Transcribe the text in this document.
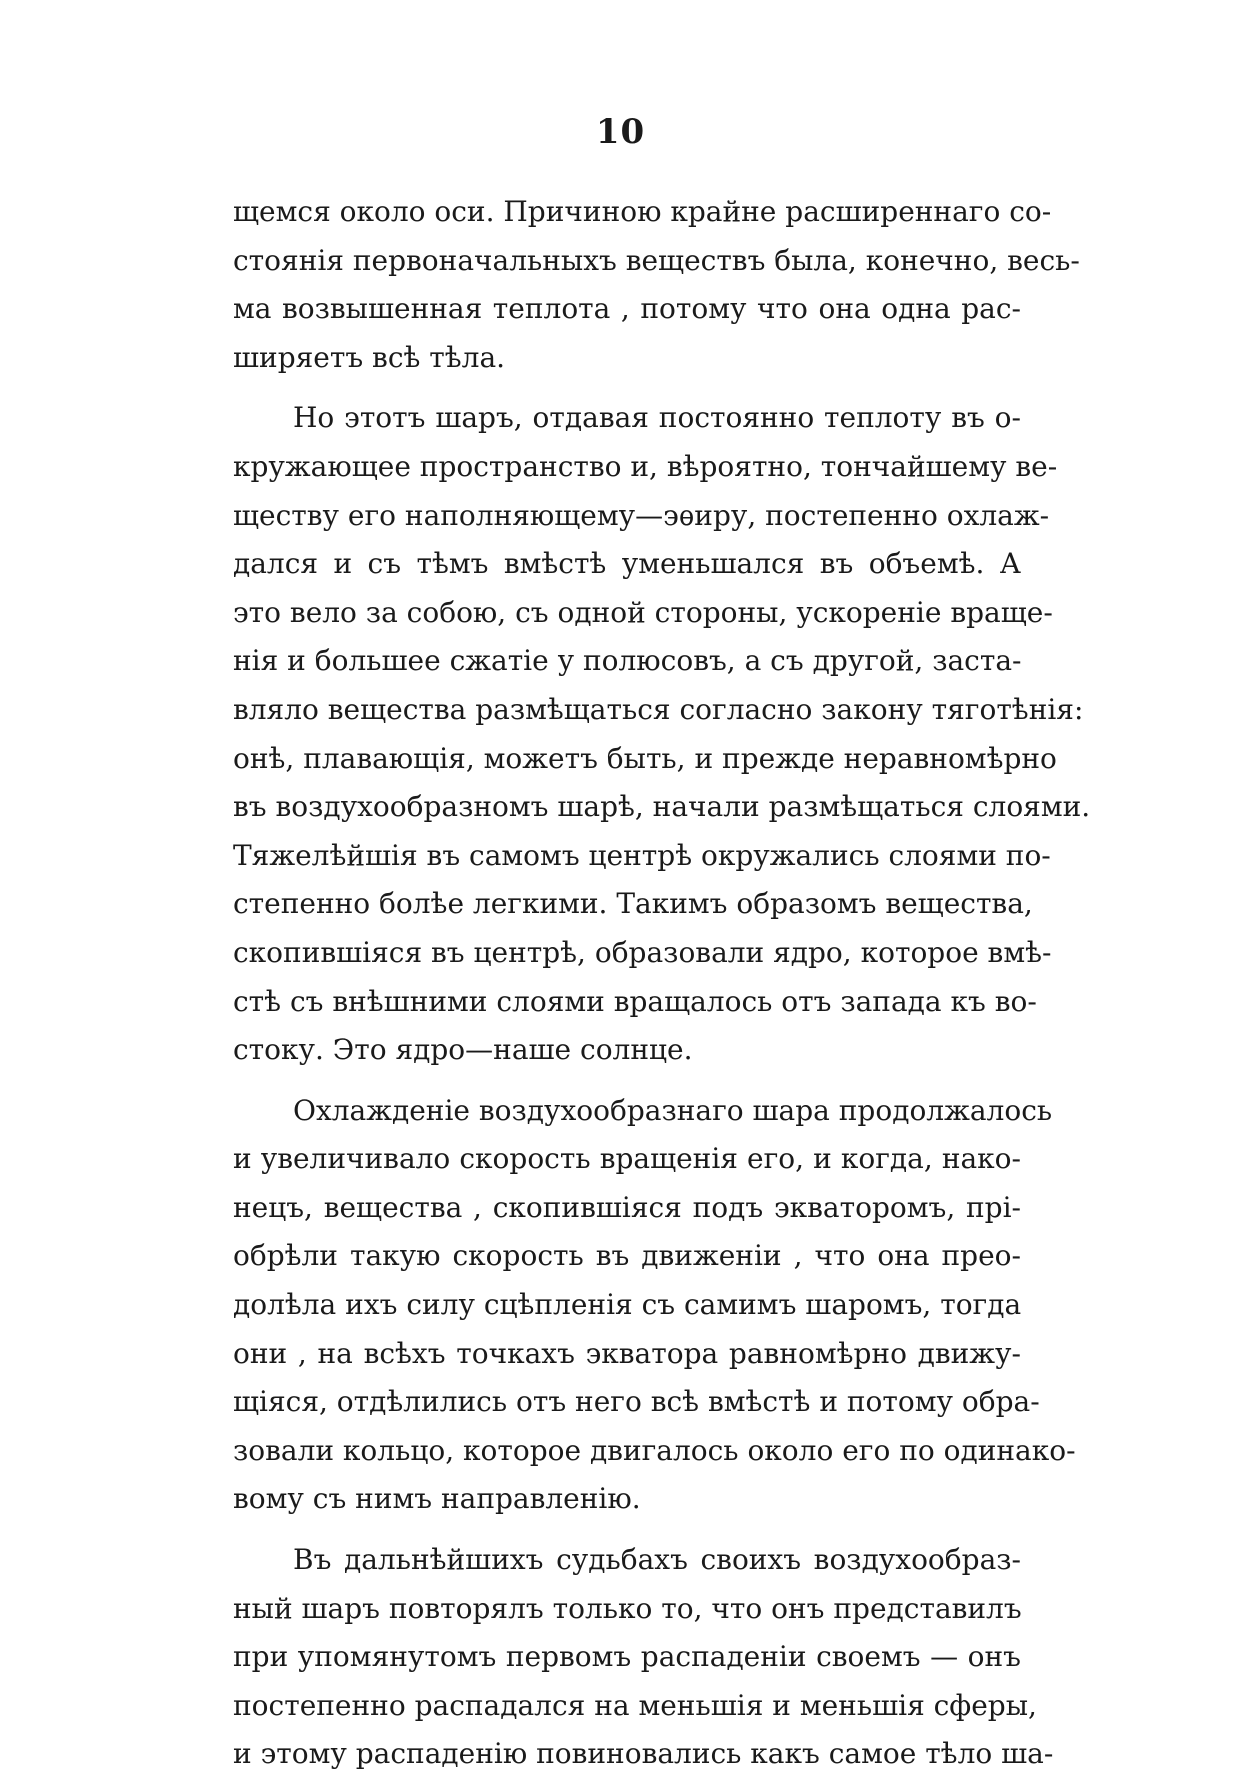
10
щемся около оси. Причиною крайне расширеннаго со-
стоянія первоначальныхъ веществъ была, конечно, весь-
ма возвышенная теплота , потому что она одна рас-
ширяетъ всѣ тѣла.
Но этотъ шаръ, отдавая постоянно теплоту въ о-
кружающее пространство и, вѣроятно, тончайшему ве-
ществу его наполняющему—эѳиру, постепенно охлаж-
дался и съ тѣмъ вмѣстѣ уменьшался въ объемѣ. А
это вело за собою, съ одной стороны, ускореніе враще-
нія и большее сжатіе у полюсовъ, а съ другой, заста-
вляло вещества размѣщаться согласно закону тяготѣнія:
онѣ, плавающія, можетъ быть, и прежде неравномѣрно
въ воздухообразномъ шарѣ, начали размѣщаться слоями.
Тяжелѣйшія въ самомъ центрѣ окружались слоями по-
степенно болѣе легкими. Такимъ образомъ вещества,
скопившіяся въ центрѣ, образовали ядро, которое вмѣ-
стѣ съ внѣшними слоями вращалось отъ запада къ во-
стоку. Это ядро—наше солнце.
Охлажденіе воздухообразнаго шара продолжалось
и увеличивало скорость вращенія его, и когда, нако-
нецъ, вещества , скопившіяся подъ экваторомъ, прі-
обрѣли такую скорость въ движеніи , что она прео-
долѣла ихъ силу сцѣпленія съ самимъ шаромъ, тогда
они , на всѣхъ точкахъ экватора равномѣрно движу-
щіяся, отдѣлились отъ него всѣ вмѣстѣ и потому обра-
зовали кольцо, которое двигалось около его по одинако-
вому съ нимъ направленію.
Въ дальнѣйшихъ судьбахъ своихъ воздухообраз-
ный шаръ повторялъ только то, что онъ представилъ
при упомянутомъ первомъ распаденіи своемъ — онъ
постепенно распадался на меньшія и меньшія сферы,
и этому распаденію повиновались какъ самое тѣло ша-
